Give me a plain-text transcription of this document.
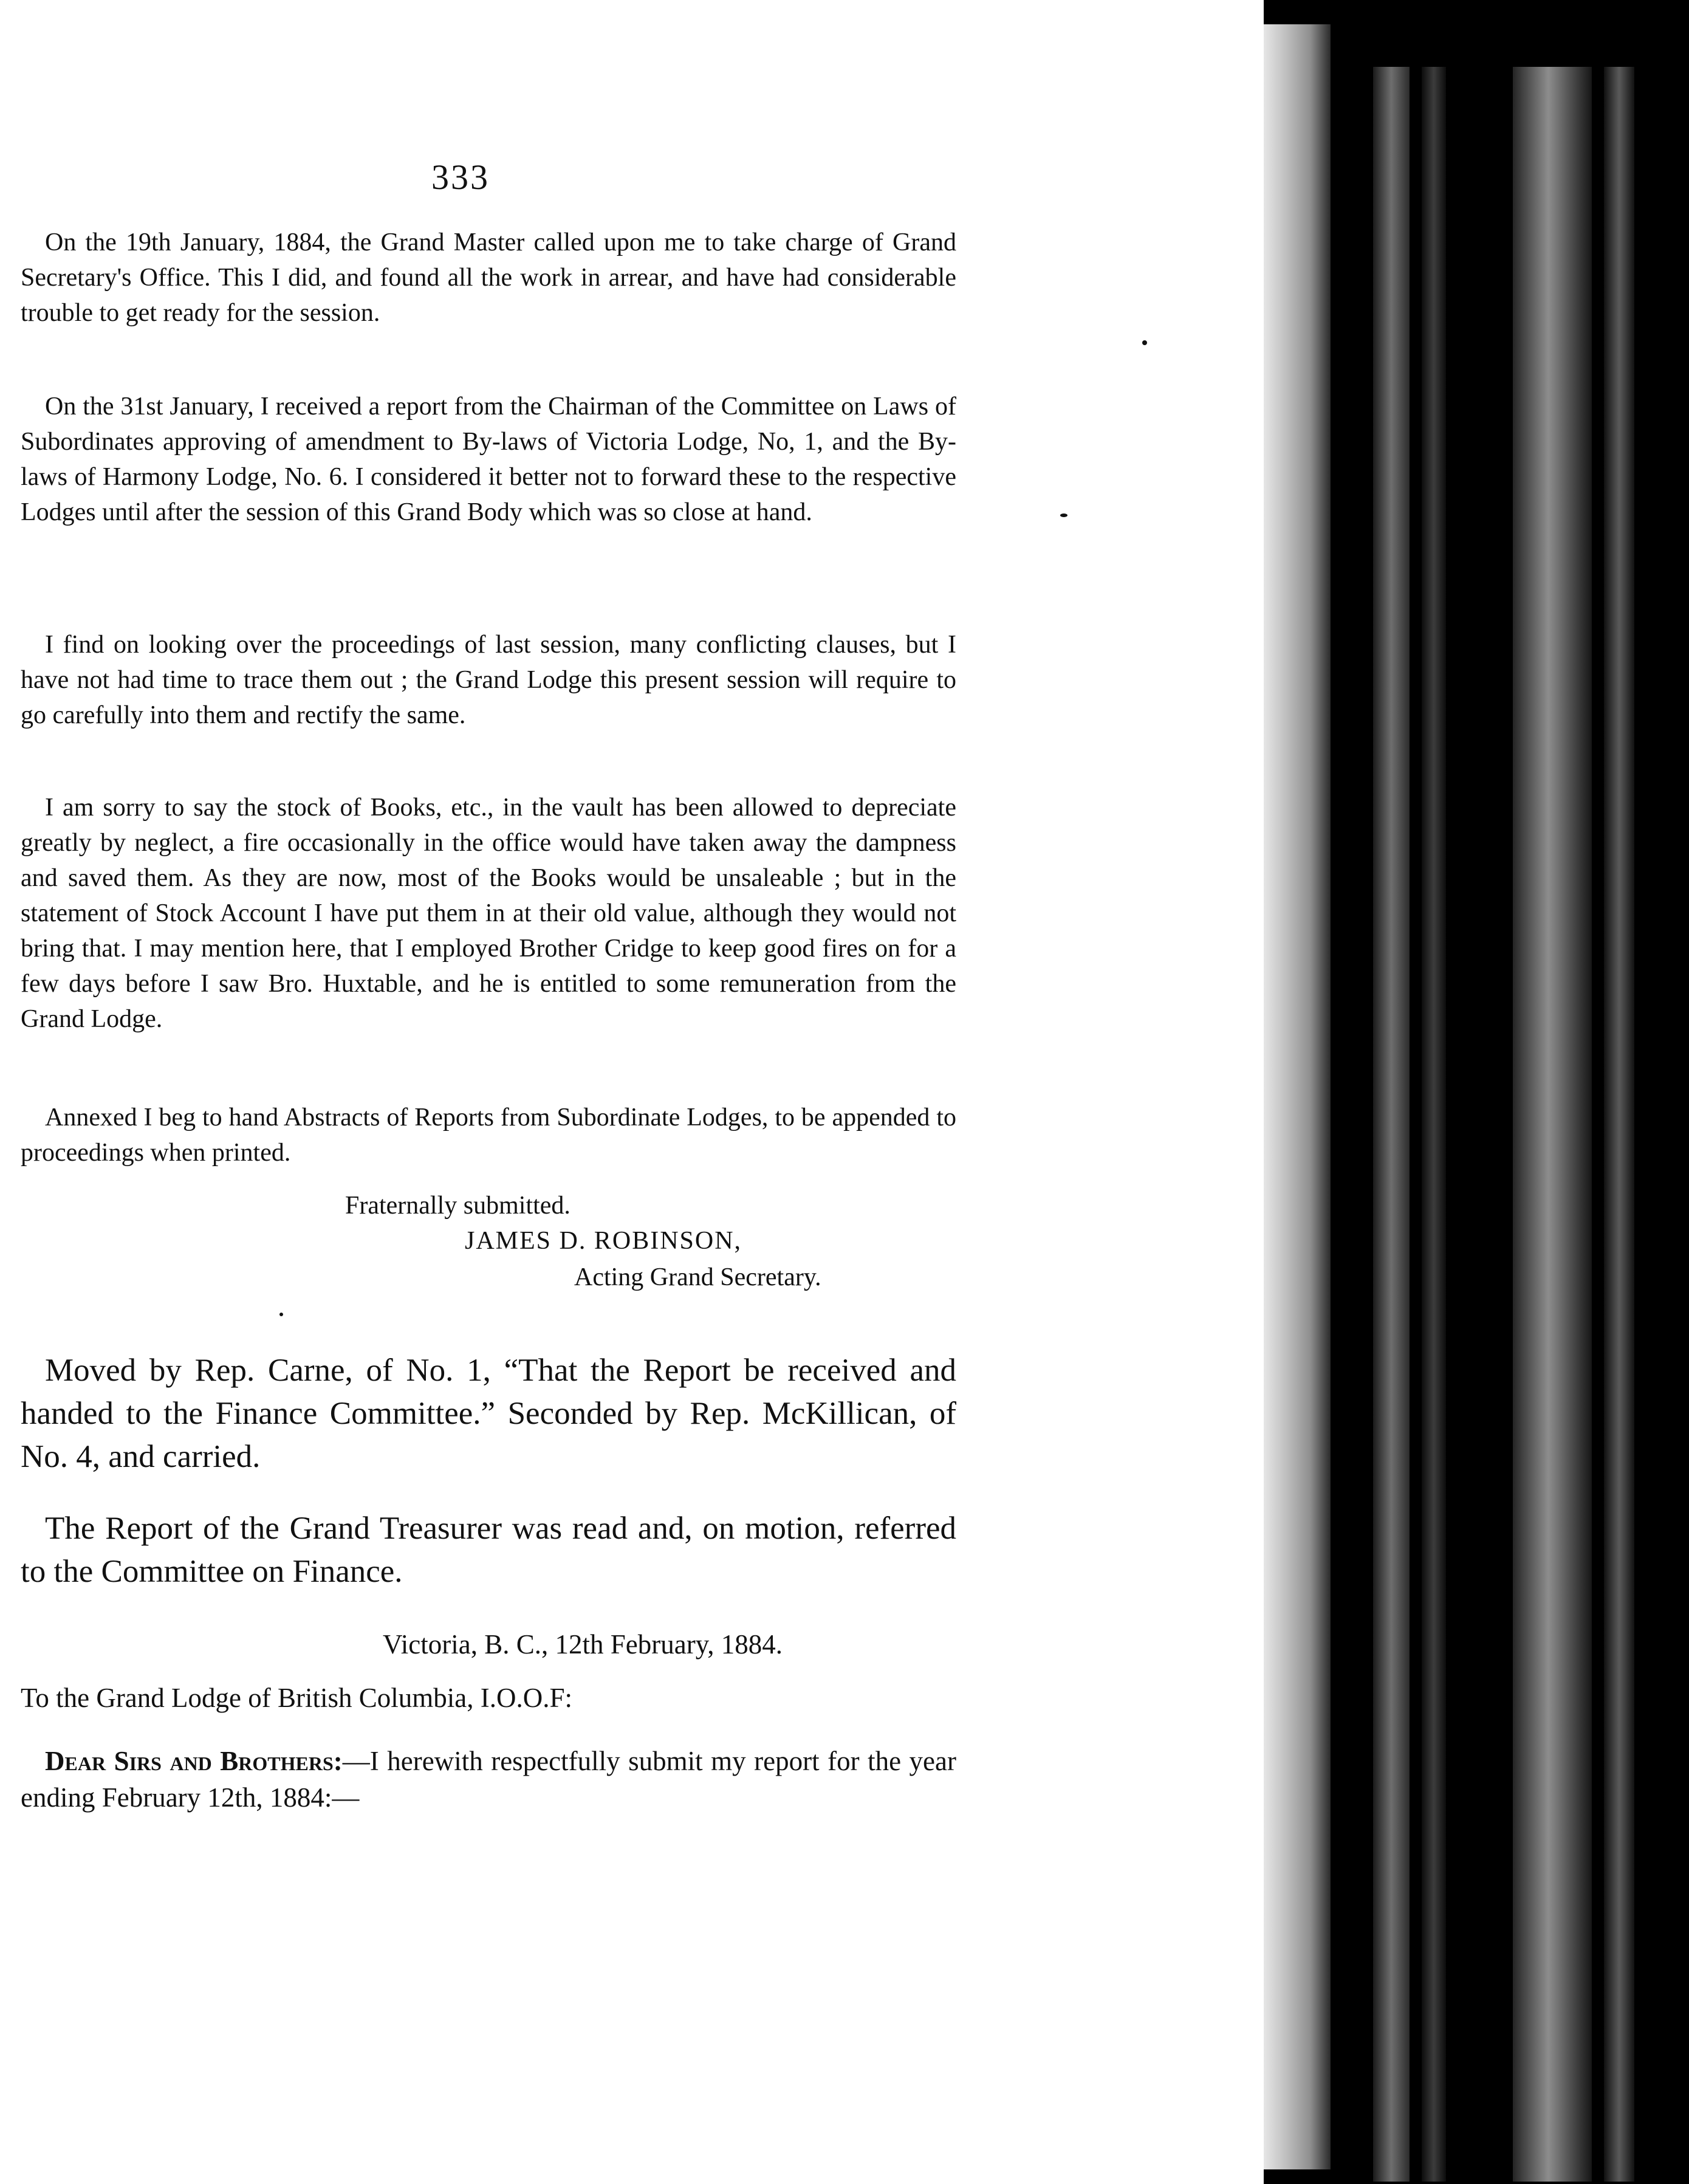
333

On the 19th January, 1884, the Grand Master called upon me to take charge of Grand Secretary's Office. This I did, and found all the work in arrear, and have had considerable trouble to get ready for the session.

On the 31st January, I received a report from the Chairman of the Committee on Laws of Subordinates approving of amendment to By-laws of Victoria Lodge, No, 1, and the By-laws of Harmony Lodge, No. 6. I considered it better not to forward these to the respective Lodges until after the session of this Grand Body which was so close at hand.

I find on looking over the proceedings of last session, many conflicting clauses, but I have not had time to trace them out ; the Grand Lodge this present session will require to go carefully into them and rectify the same.

I am sorry to say the stock of Books, etc., in the vault has been allowed to depreciate greatly by neglect, a fire occasionally in the office would have taken away the dampness and saved them. As they are now, most of the Books would be unsaleable ; but in the statement of Stock Account I have put them in at their old value, although they would not bring that. I may mention here, that I employed Brother Cridge to keep good fires on for a few days before I saw Bro. Huxtable, and he is entitled to some remuneration from the Grand Lodge.

Annexed I beg to hand Abstracts of Reports from Subordinate Lodges, to be appended to proceedings when printed.

Fraternally submitted.
JAMES D. ROBINSON,
Acting Grand Secretary.

Moved by Rep. Carne, of No. 1, “That the Report be received and handed to the Finance Committee.” Seconded by Rep. McKillican, of No. 4, and carried.

The Report of the Grand Treasurer was read and, on motion, referred to the Committee on Finance.

Victoria, B. C., 12th February, 1884.
To the Grand Lodge of British Columbia, I.O.O.F:

Dear Sirs and Brothers:—I herewith respectfully submit my report for the year ending February 12th, 1884:—
